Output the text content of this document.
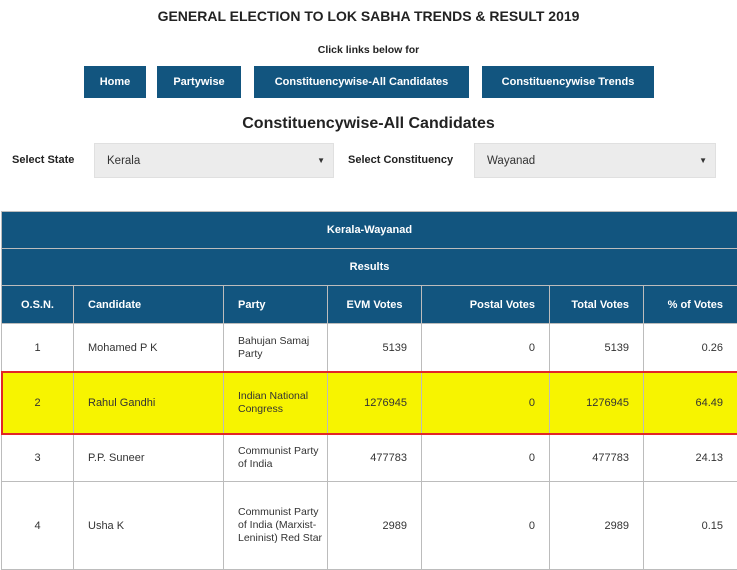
GENERAL ELECTION TO LOK SABHA TRENDS & RESULT 2019
Click links below for
Home	Partywise	Constituencywise-All Candidates	Constituencywise Trends
Constituencywise-All Candidates
Select State	Kerala	▼ Select Constituency	Wayanad	▼
Kerala-Wayanad						
Results						
O.S.N.	Candidate	Party	EVM Votes	Postal Votes	Total Votes	% of Votes
1	Mohamed P K	Bahujan Samaj Party	5139	0	5139	0.26
2	Rahul Gandhi	Indian National Congress	1276945	0	1276945	64.49
3	P.P. Suneer	Communist Party of India	477783	0	477783	24.13
4	Usha K	Communist Party of India (Marxist-Leninist) Red Star	2989	0	2989	0.15
